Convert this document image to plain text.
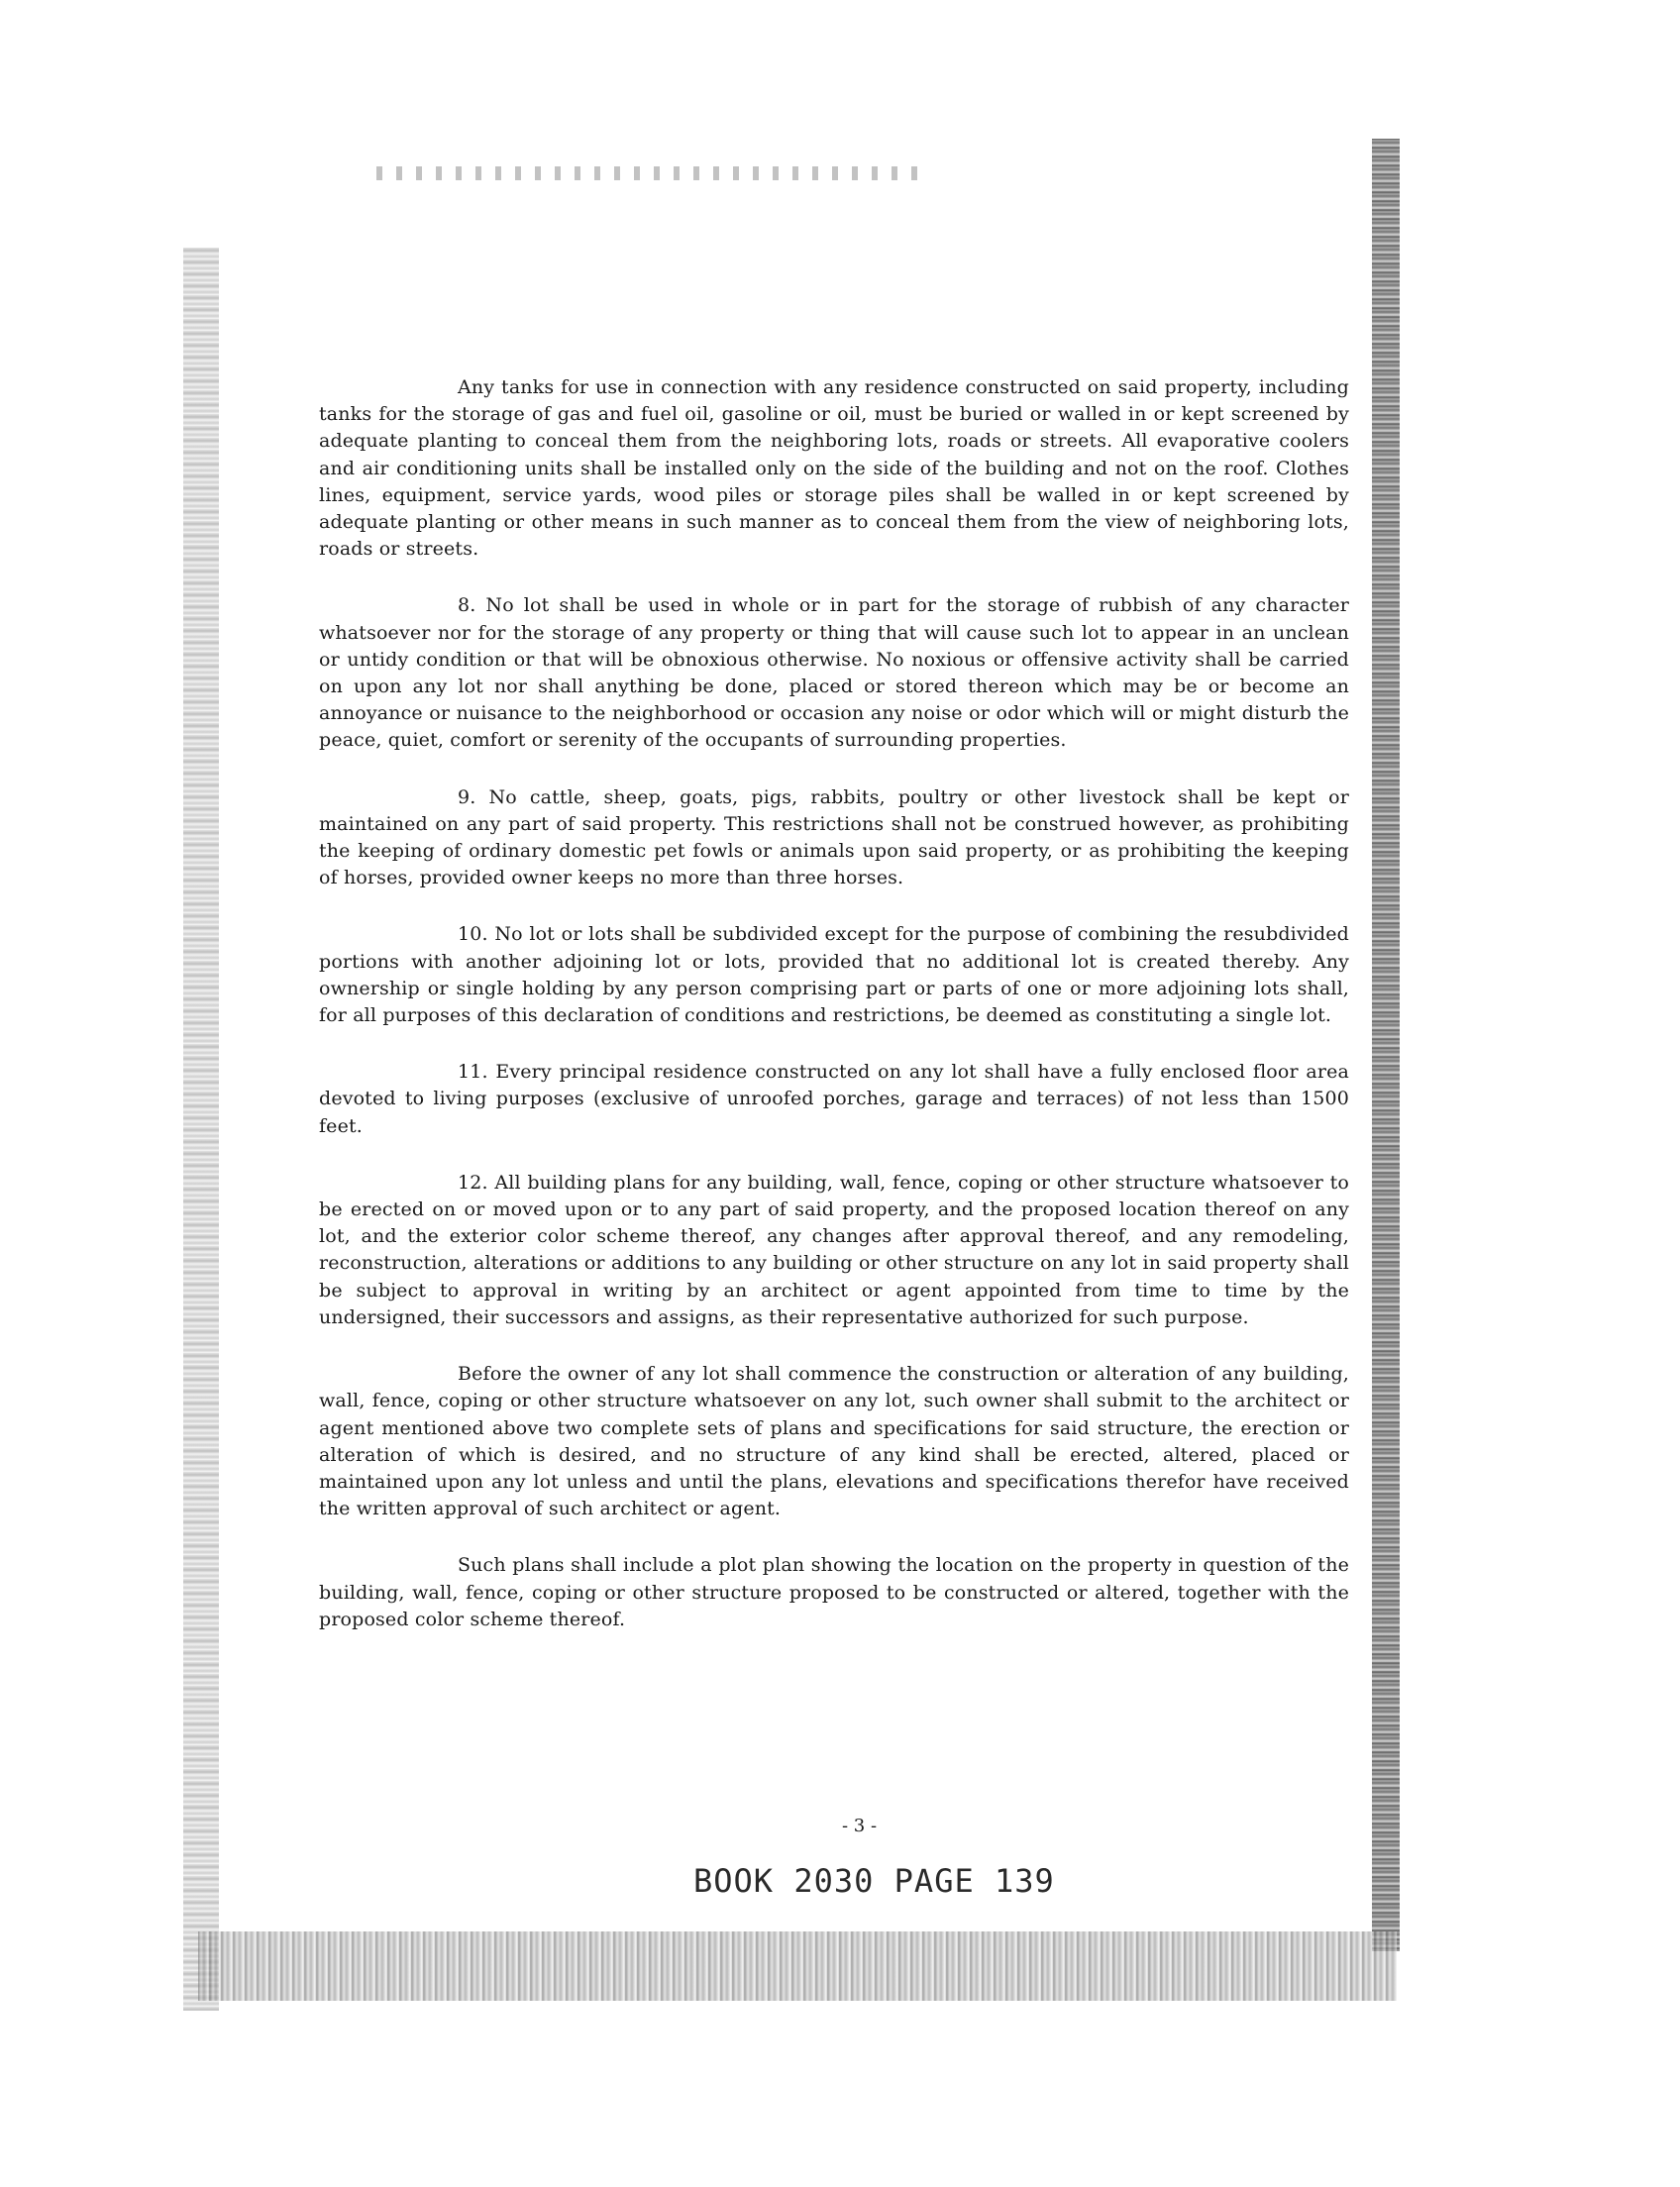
Any tanks for use in connection with any residence constructed on said property, including tanks for the storage of gas and fuel oil, gasoline or oil, must be buried or walled in or kept screened by adequate planting to conceal them from the neighboring lots, roads or streets. All evaporative coolers and air conditioning units shall be installed only on the side of the building and not on the roof. Clothes lines, equipment, service yards, wood piles or storage piles shall be walled in or kept screened by adequate planting or other means in such manner as to conceal them from the view of neighboring lots, roads or streets.

8. No lot shall be used in whole or in part for the storage of rubbish of any character whatsoever nor for the storage of any property or thing that will cause such lot to appear in an unclean or untidy condition or that will be obnoxious otherwise. No noxious or offensive activity shall be carried on upon any lot nor shall anything be done, placed or stored thereon which may be or become an annoyance or nuisance to the neighborhood or occasion any noise or odor which will or might disturb the peace, quiet, comfort or serenity of the occupants of surrounding properties.

9. No cattle, sheep, goats, pigs, rabbits, poultry or other livestock shall be kept or maintained on any part of said property. This restrictions shall not be construed however, as prohibiting the keeping of ordinary domestic pet fowls or animals upon said property, or as prohibiting the keeping of horses, provided owner keeps no more than three horses.

10. No lot or lots shall be subdivided except for the purpose of combining the resubdivided portions with another adjoining lot or lots, provided that no additional lot is created thereby. Any ownership or single holding by any person comprising part or parts of one or more adjoining lots shall, for all purposes of this declaration of conditions and restrictions, be deemed as constituting a single lot.

11. Every principal residence constructed on any lot shall have a fully enclosed floor area devoted to living purposes (exclusive of unroofed porches, garage and terraces) of not less than 1500 feet.

12. All building plans for any building, wall, fence, coping or other structure whatsoever to be erected on or moved upon or to any part of said property, and the proposed location thereof on any lot, and the exterior color scheme thereof, any changes after approval thereof, and any remodeling, reconstruction, alterations or additions to any building or other structure on any lot in said property shall be subject to approval in writing by an architect or agent appointed from time to time by the undersigned, their successors and assigns, as their representative authorized for such purpose.

Before the owner of any lot shall commence the construction or alteration of any building, wall, fence, coping or other structure whatsoever on any lot, such owner shall submit to the architect or agent mentioned above two complete sets of plans and specifications for said structure, the erection or alteration of which is desired, and no structure of any kind shall be erected, altered, placed or maintained upon any lot unless and until the plans, elevations and specifications therefor have received the written approval of such architect or agent.

Such plans shall include a plot plan showing the location on the property in question of the building, wall, fence, coping or other structure proposed to be constructed or altered, together with the proposed color scheme thereof.

- 3 -
BOOK 2030 PAGE 139
